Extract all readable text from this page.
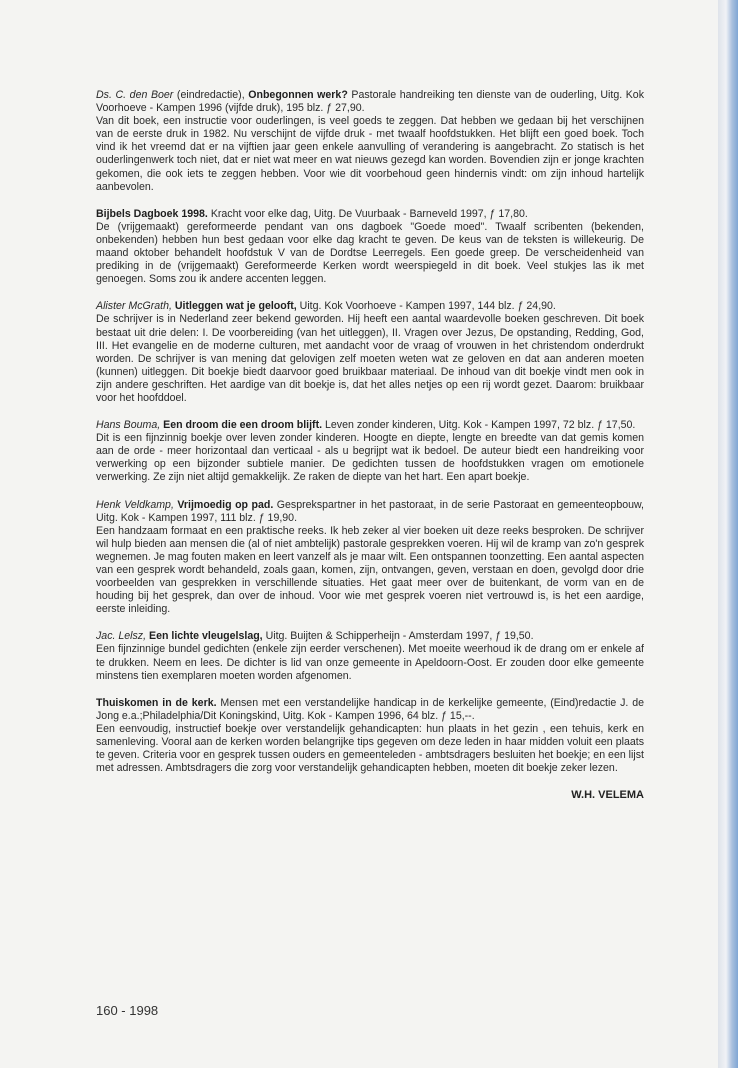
Ds. C. den Boer (eindredactie), Onbegonnen werk? Pastorale handreiking ten dienste van de ouderling, Uitg. Kok Voorhoeve - Kampen 1996 (vijfde druk), 195 blz. ƒ 27,90.

Van dit boek, een instructie voor ouderlingen, is veel goeds te zeggen. Dat hebben we gedaan bij het verschijnen van de eerste druk in 1982. Nu verschijnt de vijfde druk - met twaalf hoofdstukken. Het blijft een goed boek. Toch vind ik het vreemd dat er na vijftien jaar geen enkele aanvulling of verandering is aangebracht. Zo statisch is het ouderlingenwerk toch niet, dat er niet wat meer en wat nieuws gezegd kan worden. Bovendien zijn er jonge krachten gekomen, die ook iets te zeggen hebben. Voor wie dit voorbehoud geen hindernis vindt: om zijn inhoud hartelijk aanbevolen.

Bijbels Dagboek 1998. Kracht voor elke dag, Uitg. De Vuurbaak - Barneveld 1997, ƒ 17,80.

De (vrijgemaakt) gereformeerde pendant van ons dagboek "Goede moed". Twaalf scribenten (bekenden, onbekenden) hebben hun best gedaan voor elke dag kracht te geven. De keus van de teksten is willekeurig. De maand oktober behandelt hoofdstuk V van de Dordtse Leerregels. Een goede greep. De verscheidenheid van prediking in de (vrijgemaakt) Gereformeerde Kerken wordt weerspiegeld in dit boek. Veel stukjes las ik met genoegen. Soms zou ik andere accenten leggen.

Alister McGrath, Uitleggen wat je gelooft, Uitg. Kok Voorhoeve - Kampen 1997, 144 blz. ƒ 24,90.

De schrijver is in Nederland zeer bekend geworden. Hij heeft een aantal waardevolle boeken geschreven. Dit boek bestaat uit drie delen: I. De voorbereiding (van het uitleggen), II. Vragen over Jezus, De opstanding, Redding, God, III. Het evangelie en de moderne culturen, met aandacht voor de vraag of vrouwen in het christendom onderdrukt worden. De schrijver is van mening dat gelovigen zelf moeten weten wat ze geloven en dat aan anderen moeten (kunnen) uitleggen. Dit boekje biedt daarvoor goed bruikbaar materiaal. De inhoud van dit boekje vindt men ook in zijn andere geschriften. Het aardige van dit boekje is, dat het alles netjes op een rij wordt gezet. Daarom: bruikbaar voor het hoofddoel.

Hans Bouma, Een droom die een droom blijft. Leven zonder kinderen, Uitg. Kok - Kampen 1997, 72 blz. ƒ 17,50.

Dit is een fijnzinnig boekje over leven zonder kinderen. Hoogte en diepte, lengte en breedte van dat gemis komen aan de orde - meer horizontaal dan verticaal - als u begrijpt wat ik bedoel. De auteur biedt een handreiking voor verwerking op een bijzonder subtiele manier. De gedichten tussen de hoofdstukken vragen om emotionele verwerking. Ze zijn niet altijd gemakkelijk. Ze raken de diepte van het hart. Een apart boekje.

Henk Veldkamp, Vrijmoedig op pad. Gesprekspartner in het pastoraat, in de serie Pastoraat en gemeenteopbouw, Uitg. Kok - Kampen 1997, 111 blz. ƒ 19,90.

Een handzaam formaat en een praktische reeks. Ik heb zeker al vier boeken uit deze reeks besproken. De schrijver wil hulp bieden aan mensen die (al of niet ambtelijk) pastorale gesprekken voeren. Hij wil de kramp van zo'n gesprek wegnemen. Je mag fouten maken en leert vanzelf als je maar wilt. Een ontspannen toonzetting. Een aantal aspecten van een gesprek wordt behandeld, zoals gaan, komen, zijn, ontvangen, geven, verstaan en doen, gevolgd door drie voorbeelden van gesprekken in verschillende situaties. Het gaat meer over de buitenkant, de vorm van en de houding bij het gesprek, dan over de inhoud. Voor wie met gesprek voeren niet vertrouwd is, is het een aardige, eerste inleiding.

Jac. Lelsz, Een lichte vleugelslag, Uitg. Buijten & Schipperheijn - Amsterdam 1997, ƒ 19,50.

Een fijnzinnige bundel gedichten (enkele zijn eerder verschenen). Met moeite weerhoud ik de drang om er enkele af te drukken. Neem en lees. De dichter is lid van onze gemeente in Apeldoorn-Oost. Er zouden door elke gemeente minstens tien exemplaren moeten worden afgenomen.

Thuiskomen in de kerk. Mensen met een verstandelijke handicap in de kerkelijke gemeente, (Eind)redactie J. de Jong e.a.;Philadelphia/Dit Koningskind, Uitg. Kok - Kampen 1996, 64 blz. ƒ 15,--.

Een eenvoudig, instructief boekje over verstandelijk gehandicapten: hun plaats in het gezin , een tehuis, kerk en samenleving. Vooral aan de kerken worden belangrijke tips gegeven om deze leden in haar midden voluit een plaats te geven. Criteria voor en gesprek tussen ouders en gemeenteleden - ambtsdragers besluiten het boekje; en een lijst met adressen. Ambtsdragers die zorg voor verstandelijk gehandicapten hebben, moeten dit boekje zeker lezen.

W.H. VELEMA
160 - 1998
